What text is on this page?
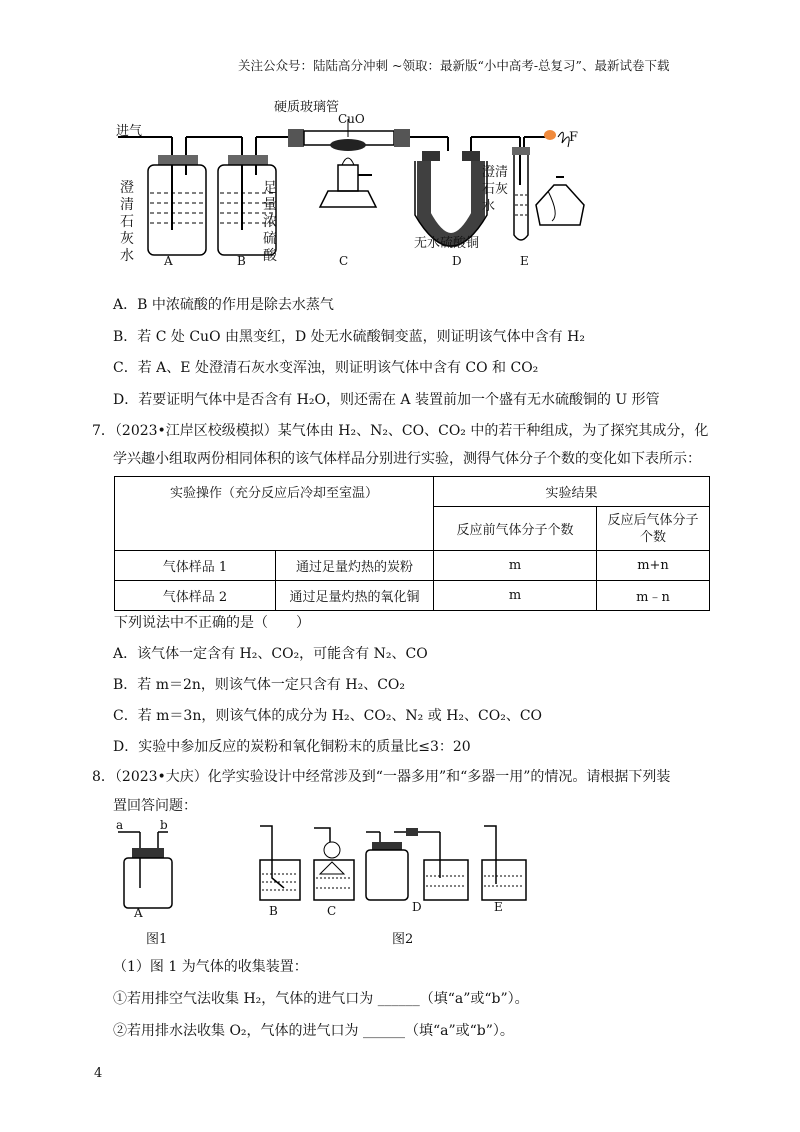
关注公众号：陆陆高分冲刺 ~领取：最新版“小中高考-总复习”、最新试卷下载
进气
硬质玻璃管
CuO
澄清石灰水
足量浓硫酸
无水硫酸铜
澄清石灰水
F
A	B	C	D	E
A．B 中浓硫酸的作用是除去水蒸气
B．若 C 处 CuO 由黑变红，D 处无水硫酸铜变蓝，则证明该气体中含有 H₂
C．若 A、E 处澄清石灰水变浑浊，则证明该气体中含有 CO 和 CO₂
D．若要证明气体中是否含有 H₂O，则还需在 A 装置前加一个盛有无水硫酸铜的 U 形管
7．（2023•江岸区校级模拟）某气体由 H₂、N₂、CO、CO₂ 中的若干种组成，为了探究其成分，化
学兴趣小组取两份相同体积的该气体样品分别进行实验，测得气体分子个数的变化如下表所示：
实验操作（充分反应后冷却至室温）		实验结果	
		反应前气体分子个数	反应后气体分子
个数
气体样品 1	通过足量灼热的炭粉	m	m+n
气体样品 2	通过足量灼热的氧化铜	m	m﹣n
下列说法中不正确的是（　　）
A．该气体一定含有 H₂、CO₂，可能含有 N₂、CO
B．若 m＝2n，则该气体一定只含有 H₂、CO₂
C．若 m＝3n，则该气体的成分为 H₂、CO₂、N₂ 或 H₂、CO₂、CO
D．实验中参加反应的炭粉和氧化铜粉末的质量比≤3：20
8．（2023•大庆）化学实验设计中经常涉及到“一器多用”和“多器一用”的情况。请根据下列装
置回答问题：
a	b
A	B	C	D	E
图1	图2
（1）图 1 为气体的收集装置：
①若用排空气法收集 H₂，气体的进气口为 ______（填“a”或“b”）。
②若用排水法收集 O₂，气体的进气口为 ______（填“a”或“b”）。
4
